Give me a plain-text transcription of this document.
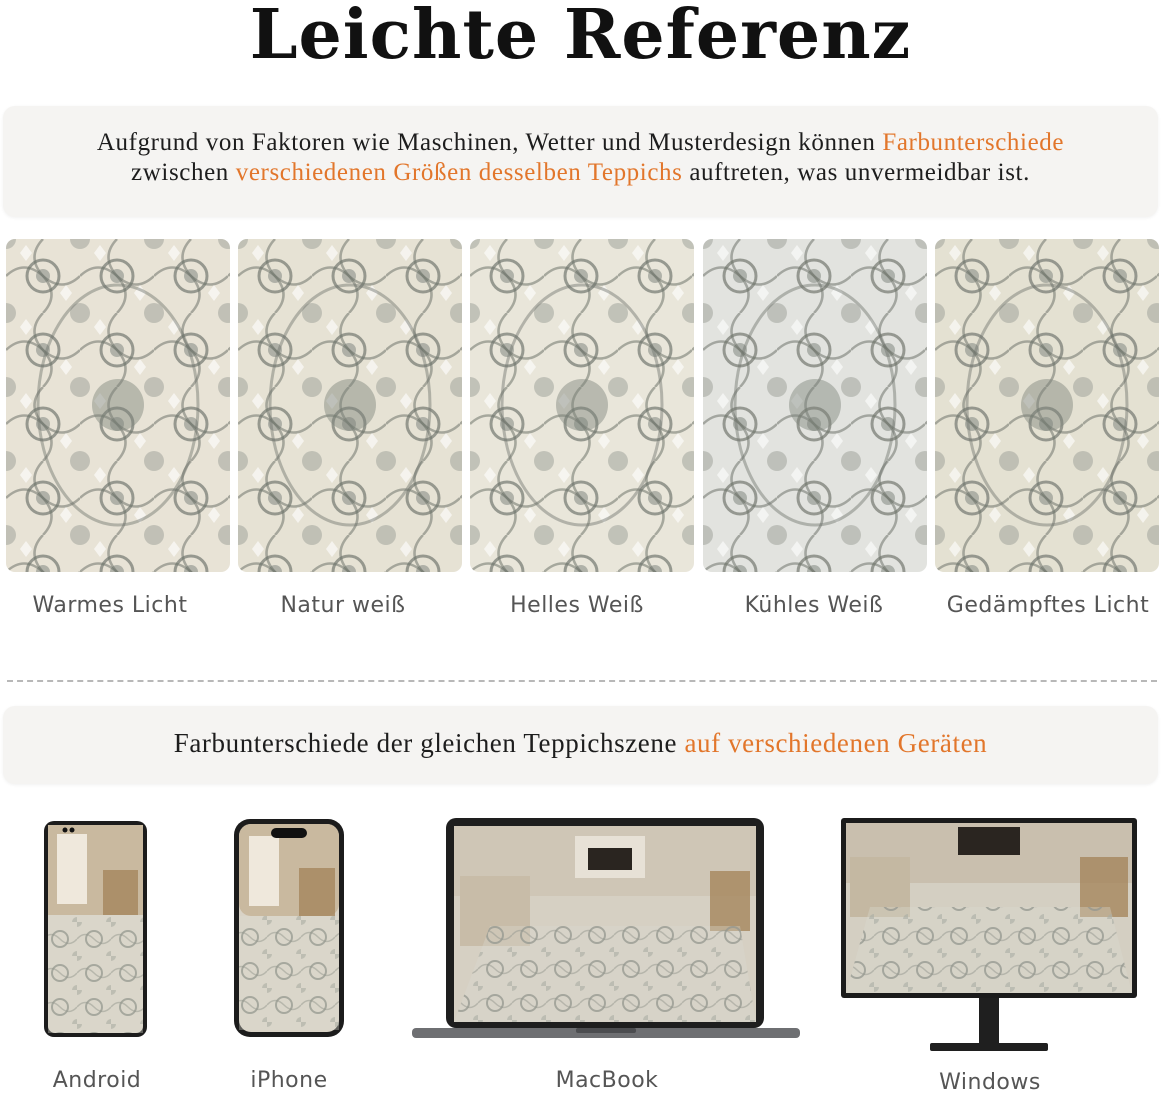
Leichte Referenz

Aufgrund von Faktoren wie Maschinen, Wetter und Musterdesign können Farbunterschiede
zwischen verschiedenen Größen desselben Teppichs auftreten, was unvermeidbar ist.

Warmes Licht	Natur weiß	Helles Weiß	Kühles Weiß	Gedämpftes Licht

Farbunterschiede der gleichen Teppichszene auf verschiedenen Geräten

Android	iPhone	MacBook	Windows
